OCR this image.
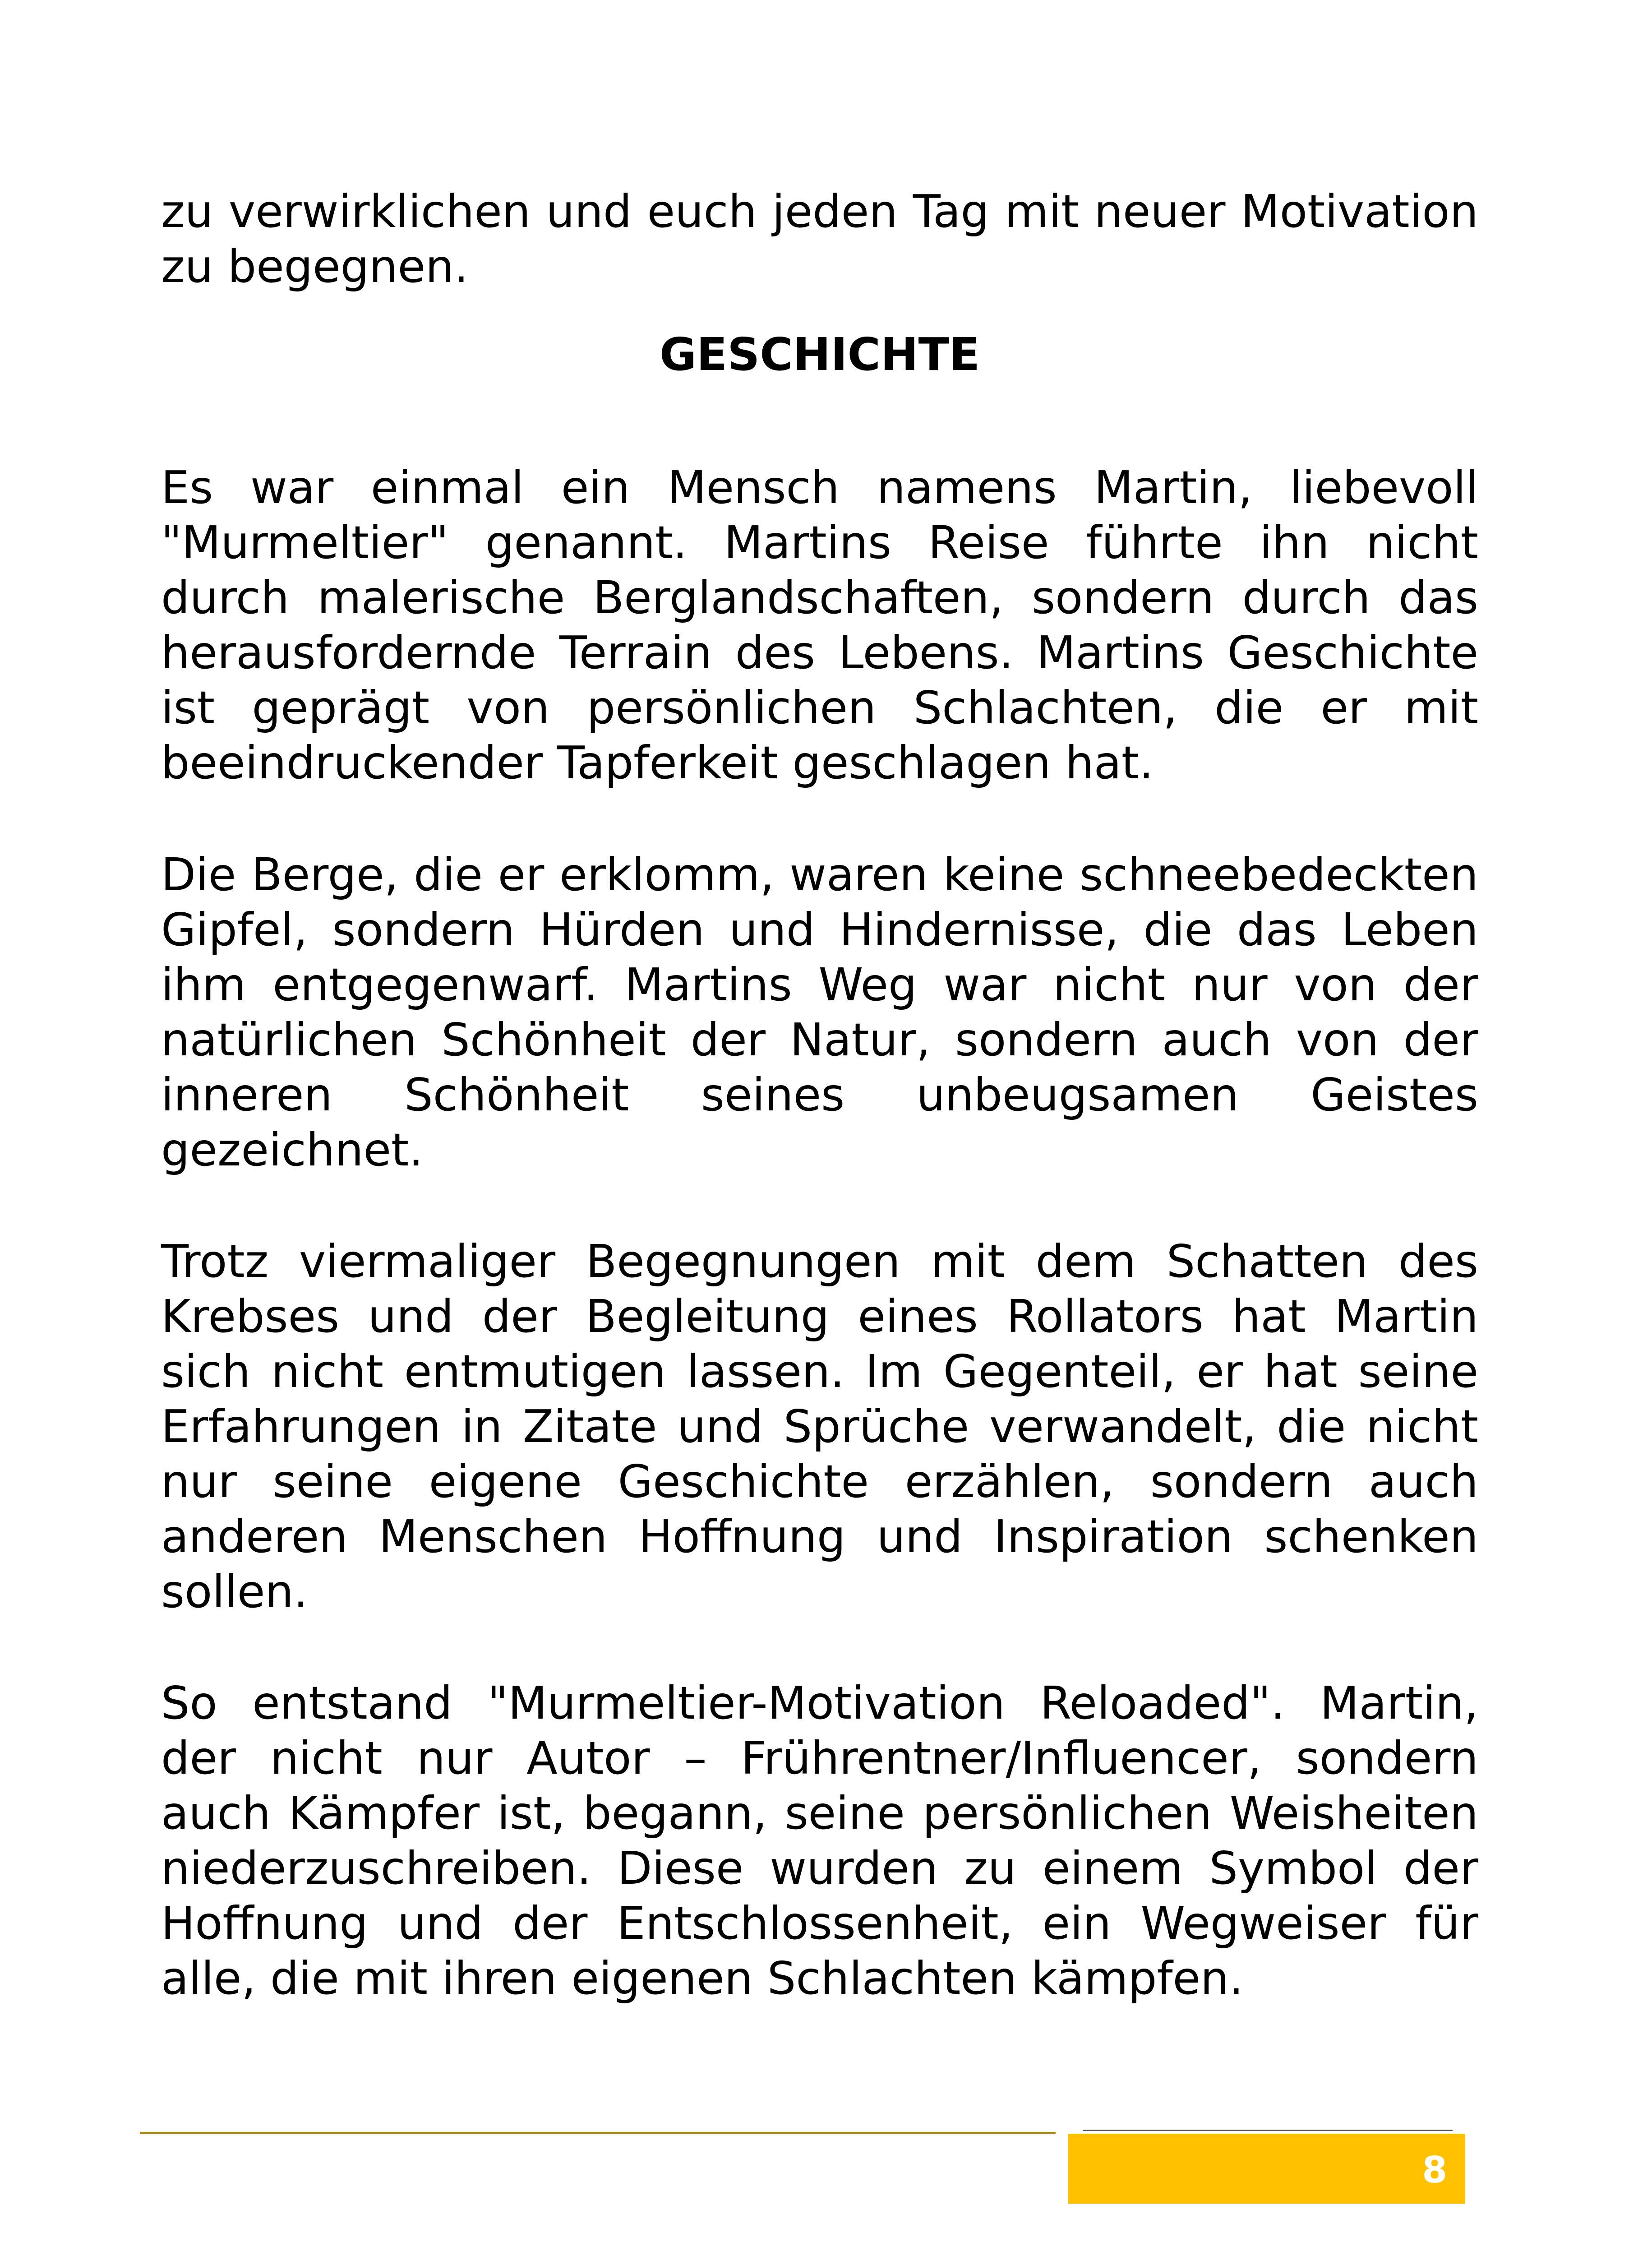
zu verwirklichen und euch jeden Tag mit neuer Motivation zu begegnen.

GESCHICHTE

Es war einmal ein Mensch namens Martin, liebevoll "Murmeltier" genannt. Martins Reise führte ihn nicht durch malerische Berglandschaften, sondern durch das herausfordernde Terrain des Lebens. Martins Geschichte ist geprägt von persönlichen Schlachten, die er mit beeindruckender Tapferkeit geschlagen hat.

Die Berge, die er erklomm, waren keine schneebedeckten Gipfel, sondern Hürden und Hindernisse, die das Leben ihm entgegenwarf. Martins Weg war nicht nur von der natürlichen Schönheit der Natur, sondern auch von der inneren Schönheit seines unbeugsamen Geistes gezeichnet.

Trotz viermaliger Begegnungen mit dem Schatten des Krebses und der Begleitung eines Rollators hat Martin sich nicht entmutigen lassen. Im Gegenteil, er hat seine Erfahrungen in Zitate und Sprüche verwandelt, die nicht nur seine eigene Geschichte erzählen, sondern auch anderen Menschen Hoffnung und Inspiration schenken sollen.

So entstand "Murmeltier-Motivation Reloaded". Martin, der nicht nur Autor – Frührentner/Influencer, sondern auch Kämpfer ist, begann, seine persönlichen Weisheiten niederzuschreiben. Diese wurden zu einem Symbol der Hoffnung und der Entschlossenheit, ein Wegweiser für alle, die mit ihren eigenen Schlachten kämpfen.

8
